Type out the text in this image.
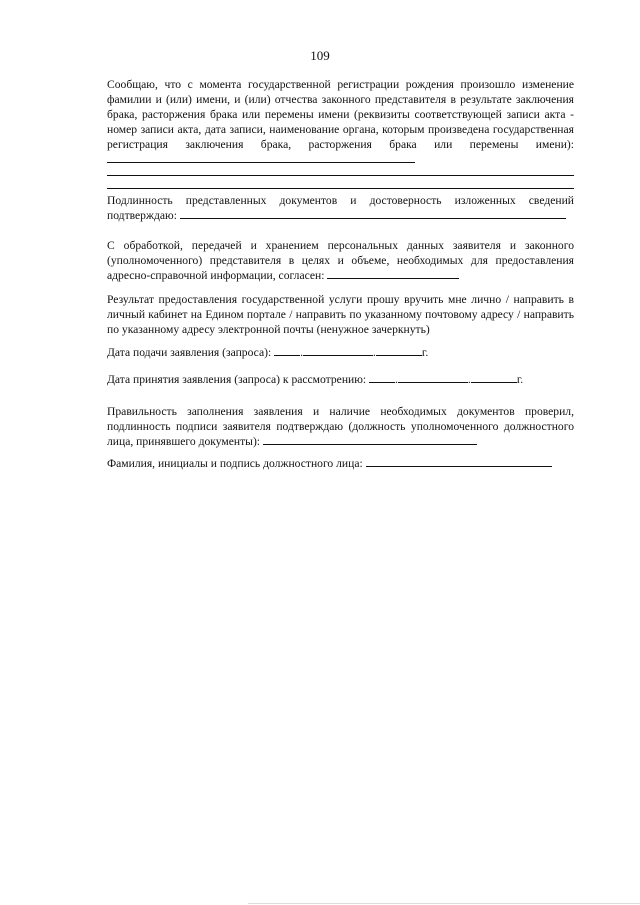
109
Сообщаю, что с момента государственной регистрации рождения произошло изменение фамилии и (или) имени, и (или) отчества законного представителя в результате заключения брака, расторжения брака или перемены имени (реквизиты соответствующей записи акта - номер записи акта, дата записи, наименование органа, которым произведена государственная регистрация заключения брака, расторжения брака или перемены имени):
Подлинность представленных документов и достоверность изложенных сведений подтверждаю:
С обработкой, передачей и хранением персональных данных заявителя и законного (уполномоченного) представителя в целях и объеме, необходимых для предоставления адресно-справочной информации, согласен:
Результат предоставления государственной услуги прошу вручить мне лично / направить в личный кабинет на Едином портале / направить по указанному почтовому адресу / направить по указанному адресу электронной почты (ненужное зачеркнуть)
Дата подачи заявления (запроса): .	.	г.
Дата принятия заявления (запроса) к рассмотрению: .	.	г.
Правильность заполнения заявления и наличие необходимых документов проверил, подлинность подписи заявителя подтверждаю (должность уполномоченного должностного лица, принявшего документы):
Фамилия, инициалы и подпись должностного лица:
